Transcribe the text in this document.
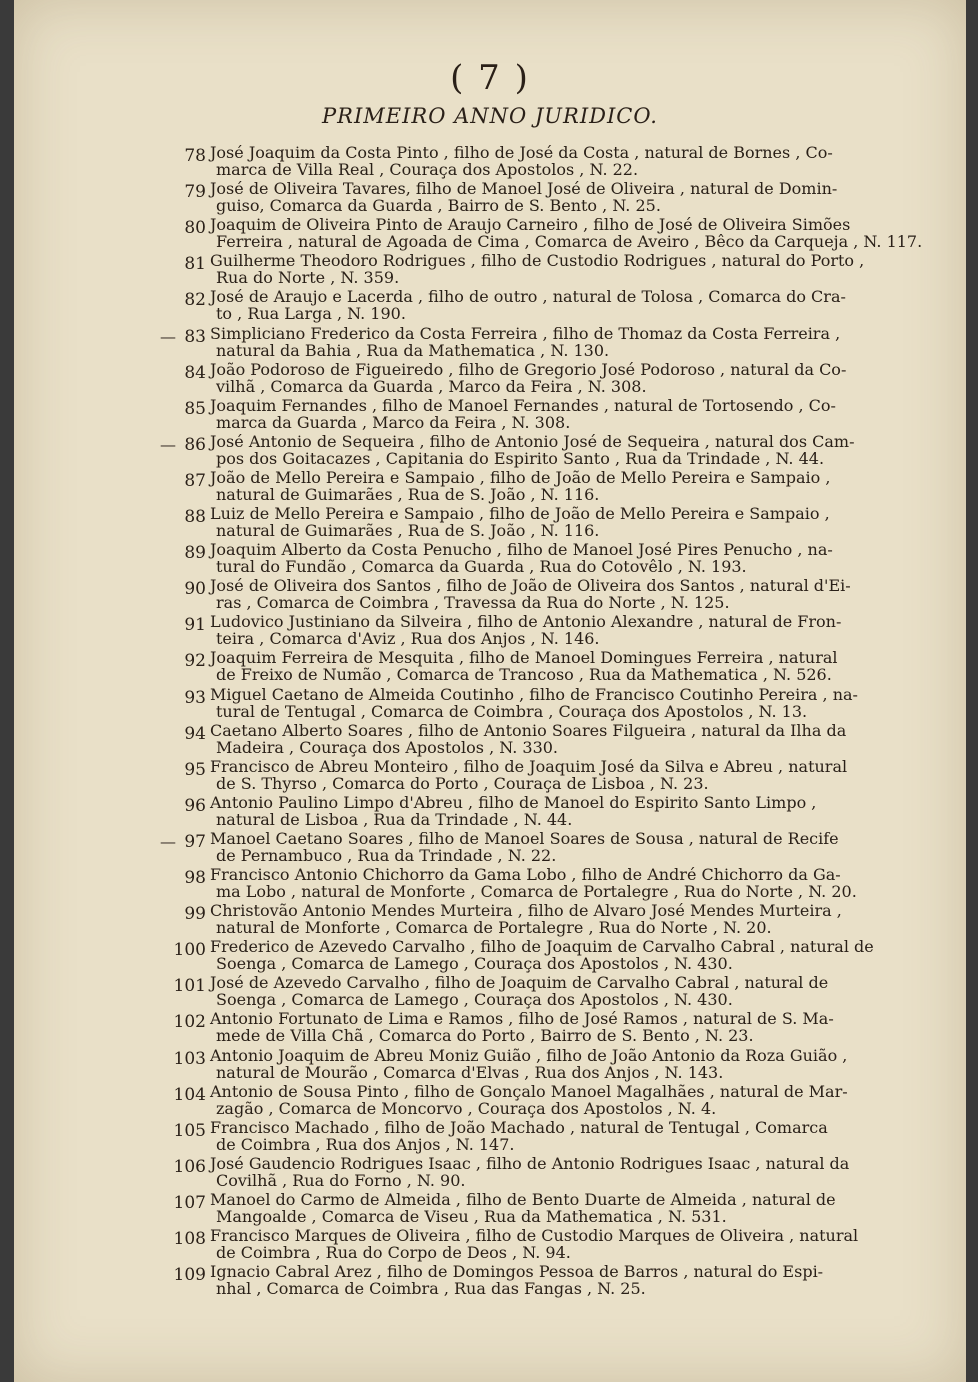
( 7 )
PRIMEIRO ANNO JURIDICO.
78 José Joaquim da Costa Pinto , filho de José da Costa , natural de Bornes , Co-
marca de Villa Real , Couraça dos Apostolos , N. 22.
79 José de Oliveira Tavares, filho de Manoel José de Oliveira , natural de Domin-
guiso, Comarca da Guarda , Bairro de S. Bento , N. 25.
80 Joaquim de Oliveira Pinto de Araujo Carneiro , filho de José de Oliveira Simões
Ferreira , natural de Agoada de Cima , Comarca de Aveiro , Bêco da Carqueja , N. 117.
81 Guilherme Theodoro Rodrigues , filho de Custodio Rodrigues , natural do Porto ,
Rua do Norte , N. 359.
82 José de Araujo e Lacerda , filho de outro , natural de Tolosa , Comarca do Cra-
to , Rua Larga , N. 190.
— 83 Simpliciano Frederico da Costa Ferreira , filho de Thomaz da Costa Ferreira ,
natural da Bahia , Rua da Mathematica , N. 130.
84 João Podoroso de Figueiredo , filho de Gregorio José Podoroso , natural da Co-
vilhã , Comarca da Guarda , Marco da Feira , N. 308.
85 Joaquim Fernandes , filho de Manoel Fernandes , natural de Tortosendo , Co-
marca da Guarda , Marco da Feira , N. 308.
— 86 José Antonio de Sequeira , filho de Antonio José de Sequeira , natural dos Cam-
pos dos Goitacazes , Capitania do Espirito Santo , Rua da Trindade , N. 44.
87 João de Mello Pereira e Sampaio , filho de João de Mello Pereira e Sampaio ,
natural de Guimarães , Rua de S. João , N. 116.
88 Luiz de Mello Pereira e Sampaio , filho de João de Mello Pereira e Sampaio ,
natural de Guimarães , Rua de S. João , N. 116.
89 Joaquim Alberto da Costa Penucho , filho de Manoel José Pires Penucho , na-
tural do Fundão , Comarca da Guarda , Rua do Cotovêlo , N. 193.
90 José de Oliveira dos Santos , filho de João de Oliveira dos Santos , natural d'Ei-
ras , Comarca de Coimbra , Travessa da Rua do Norte , N. 125.
91 Ludovico Justiniano da Silveira , filho de Antonio Alexandre , natural de Fron-
teira , Comarca d'Aviz , Rua dos Anjos , N. 146.
92 Joaquim Ferreira de Mesquita , filho de Manoel Domingues Ferreira , natural
de Freixo de Numão , Comarca de Trancoso , Rua da Mathematica , N. 526.
93 Miguel Caetano de Almeida Coutinho , filho de Francisco Coutinho Pereira , na-
tural de Tentugal , Comarca de Coimbra , Couraça dos Apostolos , N. 13.
94 Caetano Alberto Soares , filho de Antonio Soares Filgueira , natural da Ilha da
Madeira , Couraça dos Apostolos , N. 330.
95 Francisco de Abreu Monteiro , filho de Joaquim José da Silva e Abreu , natural
de S. Thyrso , Comarca do Porto , Couraça de Lisboa , N. 23.
96 Antonio Paulino Limpo d'Abreu , filho de Manoel do Espirito Santo Limpo ,
natural de Lisboa , Rua da Trindade , N. 44.
— 97 Manoel Caetano Soares , filho de Manoel Soares de Sousa , natural de Recife
de Pernambuco , Rua da Trindade , N. 22.
98 Francisco Antonio Chichorro da Gama Lobo , filho de André Chichorro da Ga-
ma Lobo , natural de Monforte , Comarca de Portalegre , Rua do Norte , N. 20.
99 Christovão Antonio Mendes Murteira , filho de Alvaro José Mendes Murteira ,
natural de Monforte , Comarca de Portalegre , Rua do Norte , N. 20.
100 Frederico de Azevedo Carvalho , filho de Joaquim de Carvalho Cabral , natural de
Soenga , Comarca de Lamego , Couraça dos Apostolos , N. 430.
101 José de Azevedo Carvalho , filho de Joaquim de Carvalho Cabral , natural de
Soenga , Comarca de Lamego , Couraça dos Apostolos , N. 430.
102 Antonio Fortunato de Lima e Ramos , filho de José Ramos , natural de S. Ma-
mede de Villa Chã , Comarca do Porto , Bairro de S. Bento , N. 23.
103 Antonio Joaquim de Abreu Moniz Guião , filho de João Antonio da Roza Guião ,
natural de Mourão , Comarca d'Elvas , Rua dos Anjos , N. 143.
104 Antonio de Sousa Pinto , filho de Gonçalo Manoel Magalhães , natural de Mar-
zagão , Comarca de Moncorvo , Couraça dos Apostolos , N. 4.
105 Francisco Machado , filho de João Machado , natural de Tentugal , Comarca
de Coimbra , Rua dos Anjos , N. 147.
106 José Gaudencio Rodrigues Isaac , filho de Antonio Rodrigues Isaac , natural da
Covilhã , Rua do Forno , N. 90.
107 Manoel do Carmo de Almeida , filho de Bento Duarte de Almeida , natural de
Mangoalde , Comarca de Viseu , Rua da Mathematica , N. 531.
108 Francisco Marques de Oliveira , filho de Custodio Marques de Oliveira , natural
de Coimbra , Rua do Corpo de Deos , N. 94.
109 Ignacio Cabral Arez , filho de Domingos Pessoa de Barros , natural do Espi-
nhal , Comarca de Coimbra , Rua das Fangas , N. 25.
